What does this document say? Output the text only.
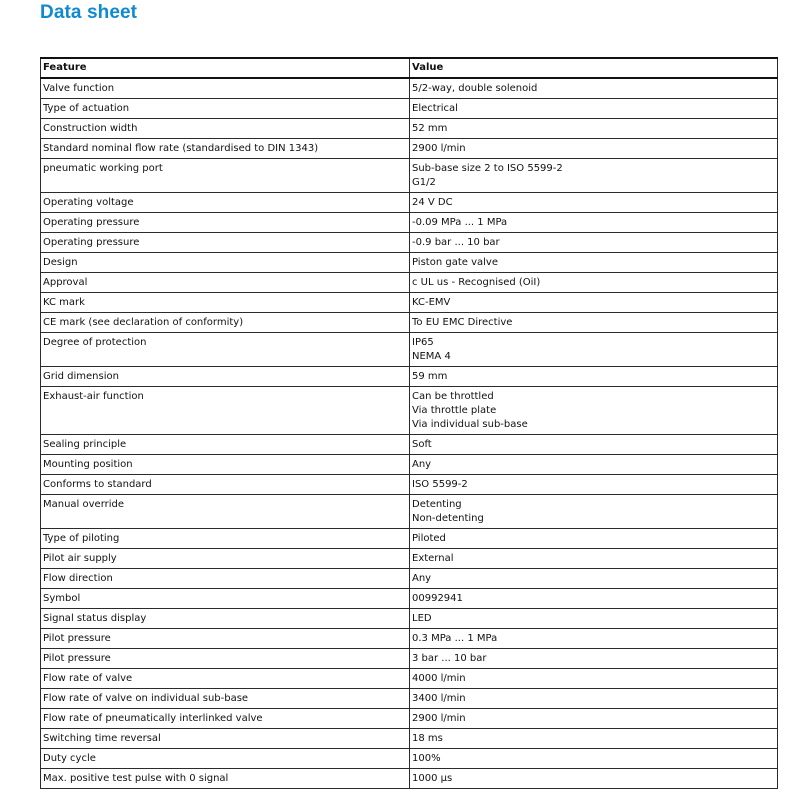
Data sheet
Feature	Value
Valve function	5/2-way, double solenoid

Type of actuation	Electrical

Construction width	52 mm

Standard nominal flow rate (standardised to DIN 1343)	2900 l/min

pneumatic working port	Sub-base size 2 to ISO 5599-2
G1/2

Operating voltage	24 V DC

Operating pressure	-0.09 MPa ... 1 MPa

Operating pressure	-0.9 bar ... 10 bar

Design	Piston gate valve

Approval	c UL us - Recognised (OiI)

KC mark	KC-EMV

CE mark (see declaration of conformity)	To EU EMC Directive

Degree of protection	IP65
NEMA 4

Grid dimension	59 mm

Exhaust-air function	Can be throttled
Via throttle plate
Via individual sub-base

Sealing principle	Soft

Mounting position	Any

Conforms to standard	ISO 5599-2

Manual override	Detenting
Non-detenting

Type of piloting	Piloted

Pilot air supply	External

Flow direction	Any

Symbol	00992941

Signal status display	LED

Pilot pressure	0.3 MPa ... 1 MPa

Pilot pressure	3 bar ... 10 bar

Flow rate of valve	4000 l/min

Flow rate of valve on individual sub-base	3400 l/min

Flow rate of pneumatically interlinked valve	2900 l/min

Switching time reversal	18 ms

Duty cycle	100%

Max. positive test pulse with 0 signal	1000 µs
